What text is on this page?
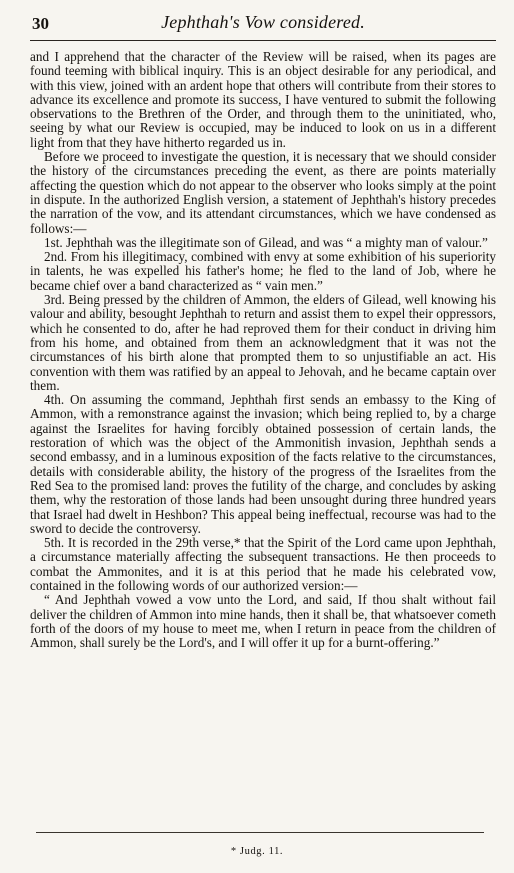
30	Jephthah's Vow considered.

and I apprehend that the character of the Review will be raised, when its pages are found teeming with biblical inquiry. This is an object desirable for any periodical, and with this view, joined with an ardent hope that others will contribute from their stores to advance its excellence and promote its success, I have ventured to submit the following observations to the Brethren of the Order, and through them to the uninitiated, who, seeing by what our Review is occupied, may be induced to look on us in a different light from that they have hitherto regarded us in.

Before we proceed to investigate the question, it is necessary that we should consider the history of the circumstances preceding the event, as there are points materially affecting the question which do not appear to the observer who looks simply at the point in dispute. In the authorized English version, a statement of Jephthah's history precedes the narration of the vow, and its attendant circumstances, which we have condensed as follows:—

1st. Jephthah was the illegitimate son of Gilead, and was “ a mighty man of valour.”

2nd. From his illegitimacy, combined with envy at some exhibition of his superiority in talents, he was expelled his father's home; he fled to the land of Job, where he became chief over a band characterized as “ vain men.”

3rd. Being pressed by the children of Ammon, the elders of Gilead, well knowing his valour and ability, besought Jephthah to return and assist them to expel their oppressors, which he consented to do, after he had reproved them for their conduct in driving him from his home, and obtained from them an acknowledgment that it was not the circumstances of his birth alone that prompted them to so unjustifiable an act. His convention with them was ratified by an appeal to Jehovah, and he became captain over them.

4th. On assuming the command, Jephthah first sends an embassy to the King of Ammon, with a remonstrance against the invasion; which being replied to, by a charge against the Israelites for having forcibly obtained possession of certain lands, the restoration of which was the object of the Ammonitish invasion, Jephthah sends a second embassy, and in a luminous exposition of the facts relative to the circumstances, details with considerable ability, the history of the progress of the Israelites from the Red Sea to the promised land: proves the futility of the charge, and concludes by asking them, why the restoration of those lands had been unsought during three hundred years that Israel had dwelt in Heshbon? This appeal being ineffectual, recourse was had to the sword to decide the controversy.

5th. It is recorded in the 29th verse,* that the Spirit of the Lord came upon Jephthah, a circumstance materially affecting the subsequent transactions. He then proceeds to combat the Ammonites, and it is at this period that he made his celebrated vow, contained in the following words of our authorized version:—

“ And Jephthah vowed a vow unto the Lord, and said, If thou shalt without fail deliver the children of Ammon into mine hands, then it shall be, that whatsoever cometh forth of the doors of my house to meet me, when I return in peace from the children of Ammon, shall surely be the Lord's, and I will offer it up for a burnt-offering.”

* Judg. 11.
